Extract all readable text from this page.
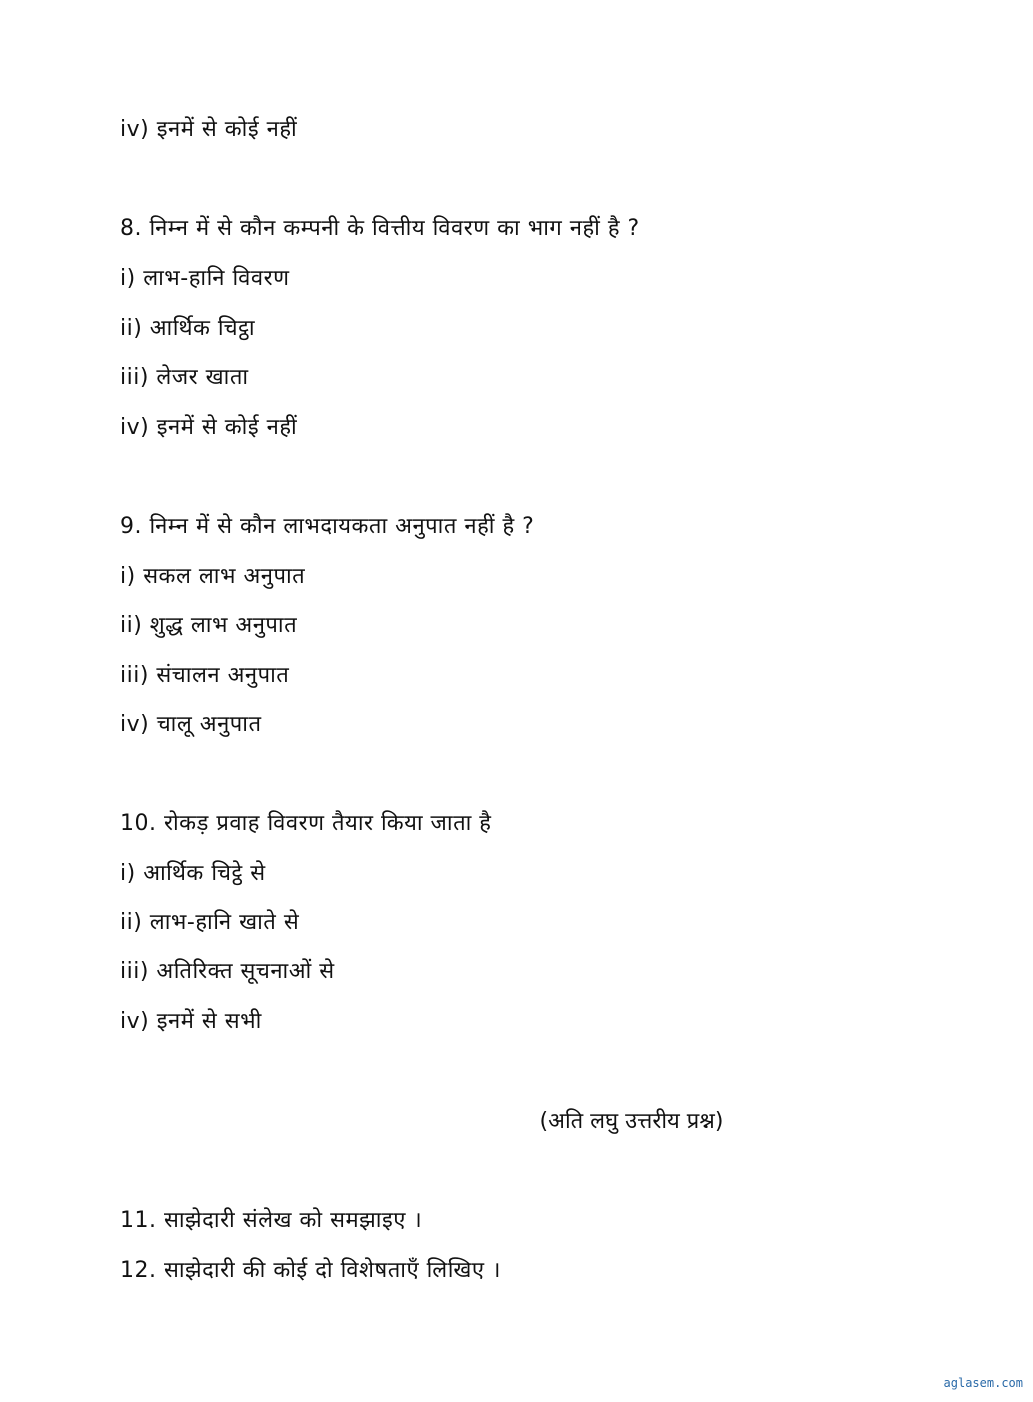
iv) इनमें से कोई नहीं
8. निम्न में से कौन कम्पनी के वित्तीय विवरण का भाग नहीं है ?
i) लाभ-हानि विवरण
ii) आर्थिक चिट्ठा
iii) लेजर खाता
iv) इनमें से कोई नहीं
9. निम्न में से कौन लाभदायकता अनुपात नहीं है ?
i) सकल लाभ अनुपात
ii) शुद्ध लाभ अनुपात
iii) संचालन अनुपात
iv) चालू अनुपात
10. रोकड़ प्रवाह विवरण तैयार किया जाता है
i) आर्थिक चिट्ठे से
ii) लाभ-हानि खाते से
iii) अतिरिक्त सूचनाओं से
iv) इनमें से सभी
(अति लघु उत्तरीय प्रश्न)
11. साझेदारी संलेख को समझाइए ।
12. साझेदारी की कोई दो विशेषताएँ लिखिए ।
aglasem.com
